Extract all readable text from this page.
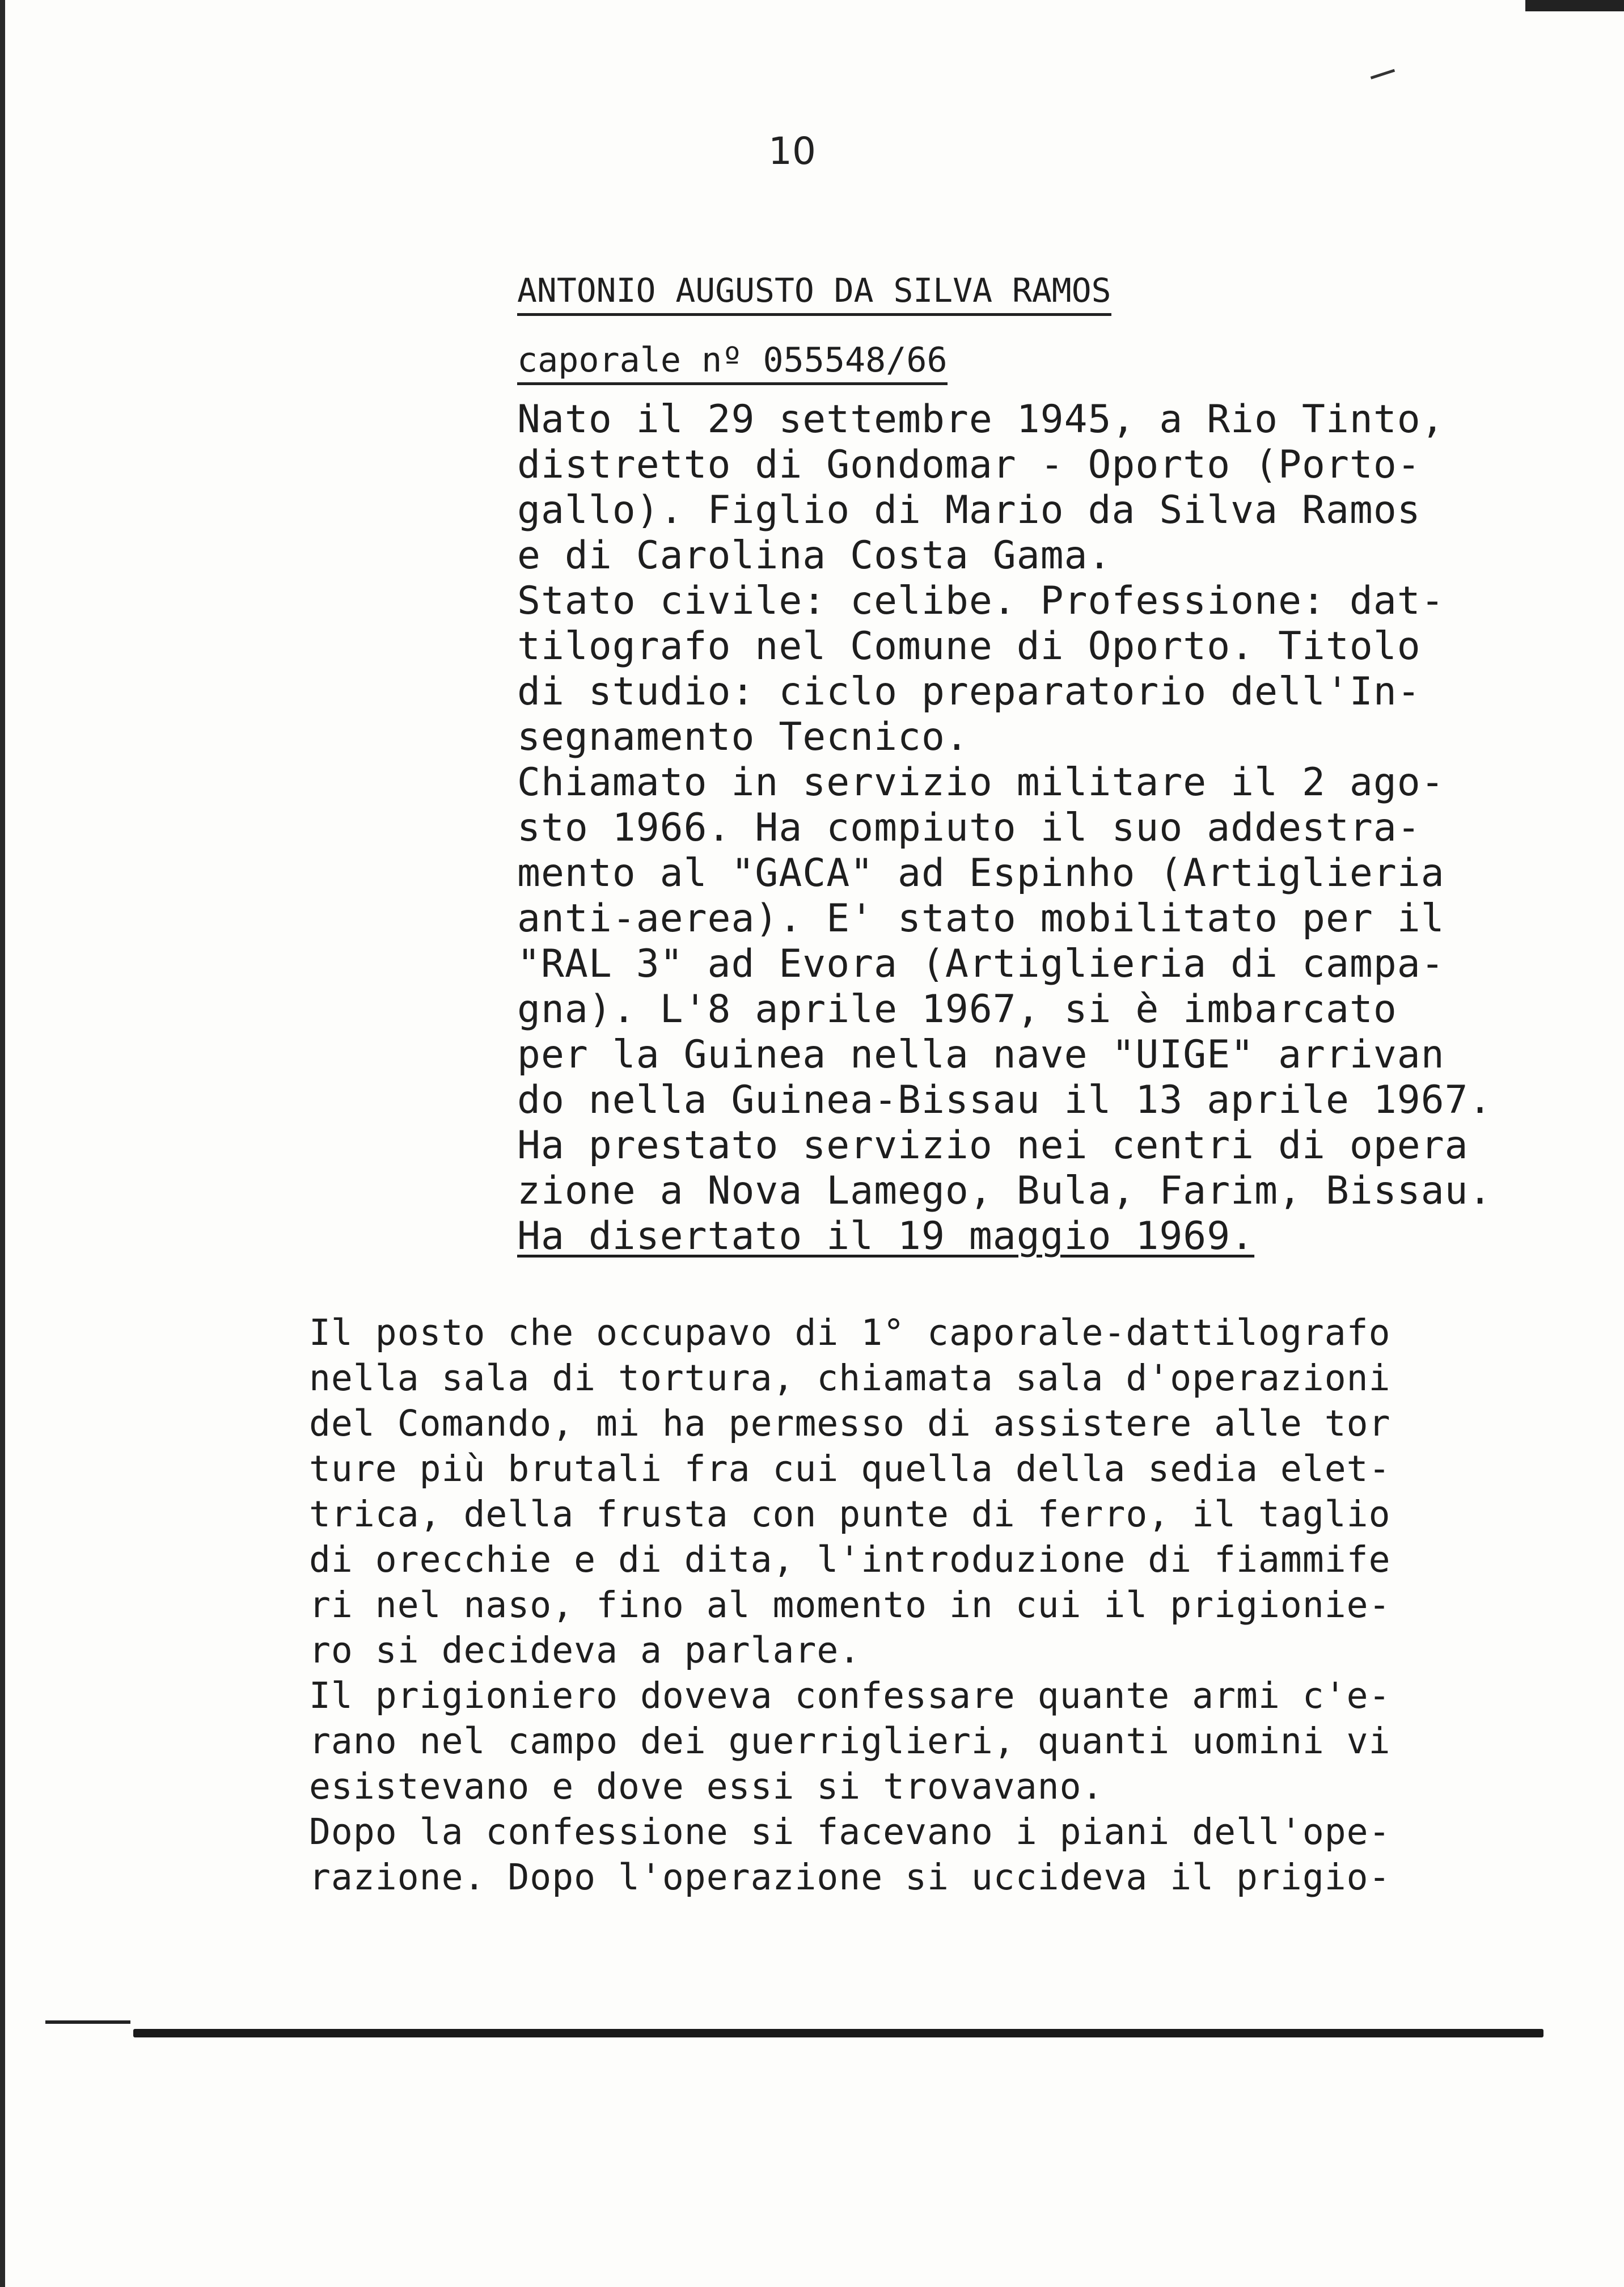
10
ANTONIO AUGUSTO DA SILVA RAMOS
caporale nº 055548/66
Nato il 29 settembre 1945, a Rio Tinto,
distretto di Gondomar - Oporto (Porto-
gallo). Figlio di Mario da Silva Ramos
e di Carolina Costa Gama.
Stato civile: celibe. Professione: dat-
tilografo nel Comune di Oporto. Titolo
di studio: ciclo preparatorio dell'In-
segnamento Tecnico.
Chiamato in servizio militare il 2 ago-
sto 1966. Ha compiuto il suo addestra-
mento al "GACA" ad Espinho (Artiglieria
anti-aerea). E' stato mobilitato per il
"RAL 3" ad Evora (Artiglieria di campa-
gna). L'8 aprile 1967, si è imbarcato
per la Guinea nella nave "UIGE" arrivan
do nella Guinea-Bissau il 13 aprile 1967.
Ha prestato servizio nei centri di opera
zione a Nova Lamego, Bula, Farim, Bissau.
Ha disertato il 19 maggio 1969.
Il posto che occupavo di 1° caporale-dattilografo
nella sala di tortura, chiamata sala d'operazioni
del Comando, mi ha permesso di assistere alle tor
ture più brutali fra cui quella della sedia elet-
trica, della frusta con punte di ferro, il taglio
di orecchie e di dita, l'introduzione di fiammife
ri nel naso, fino al momento in cui il prigionie-
ro si decideva a parlare.
Il prigioniero doveva confessare quante armi c'e-
rano nel campo dei guerriglieri, quanti uomini vi
esistevano e dove essi si trovavano.
Dopo la confessione si facevano i piani dell'ope-
razione. Dopo l'operazione si uccideva il prigio-
